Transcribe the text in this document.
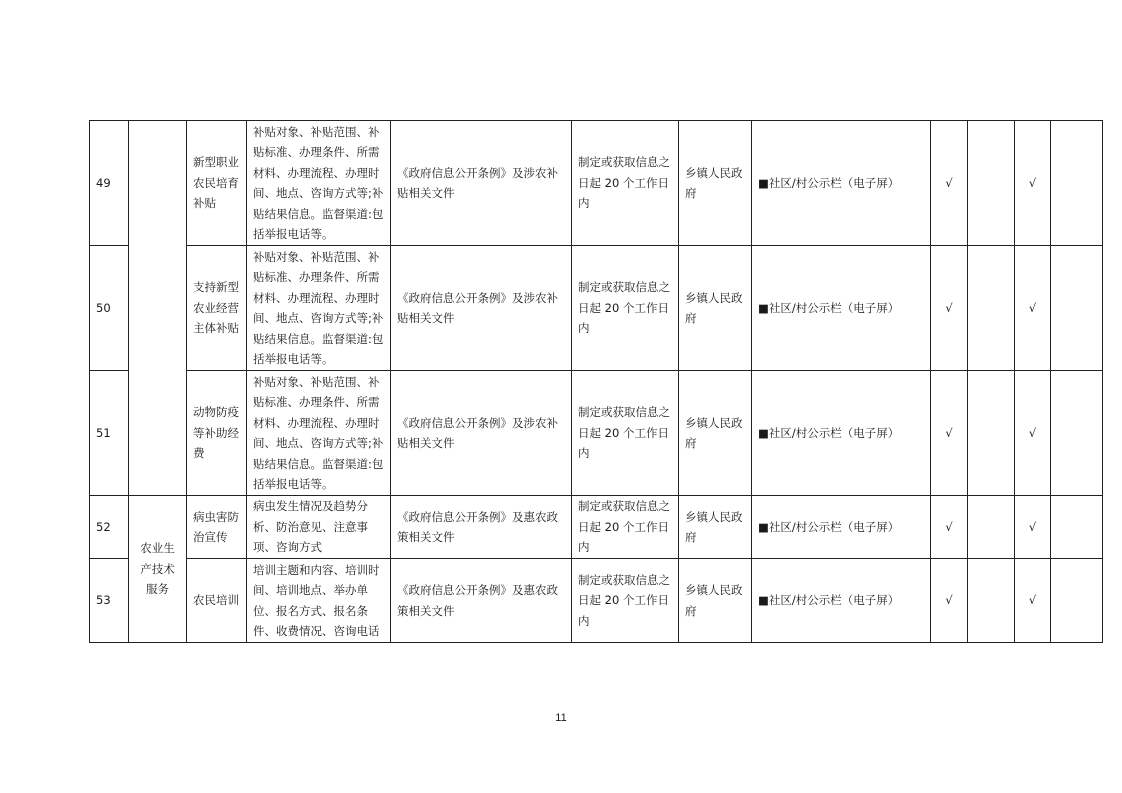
49		新型职业农民培育补贴	补贴对象、补贴范围、补贴标准、办理条件、所需材料、办理流程、办理时间、地点、咨询方式等;补贴结果信息。监督渠道:包括举报电话等。	《政府信息公开条例》及涉农补贴相关文件	制定或获取信息之日起 20 个工作日内	乡镇人民政府	■社区/村公示栏（电子屏）	√		√	
50		支持新型农业经营主体补贴	补贴对象、补贴范围、补贴标准、办理条件、所需材料、办理流程、办理时间、地点、咨询方式等;补贴结果信息。监督渠道:包括举报电话等。	《政府信息公开条例》及涉农补贴相关文件	制定或获取信息之日起 20 个工作日内	乡镇人民政府	■社区/村公示栏（电子屏）	√		√	
51		动物防疫等补助经费	补贴对象、补贴范围、补贴标准、办理条件、所需材料、办理流程、办理时间、地点、咨询方式等;补贴结果信息。监督渠道:包括举报电话等。	《政府信息公开条例》及涉农补贴相关文件	制定或获取信息之日起 20 个工作日内	乡镇人民政府	■社区/村公示栏（电子屏）	√		√	
52	农业生产技术服务	病虫害防治宣传	病虫发生情况及趋势分析、防治意见、注意事项、咨询方式	《政府信息公开条例》及惠农政策相关文件	制定或获取信息之日起 20 个工作日内	乡镇人民政府	■社区/村公示栏（电子屏）	√		√	
53		农民培训	培训主题和内容、培训时间、培训地点、举办单位、报名方式、报名条件、收费情况、咨询电话	《政府信息公开条例》及惠农政策相关文件	制定或获取信息之日起 20 个工作日内	乡镇人民政府	■社区/村公示栏（电子屏）	√		√	
11
